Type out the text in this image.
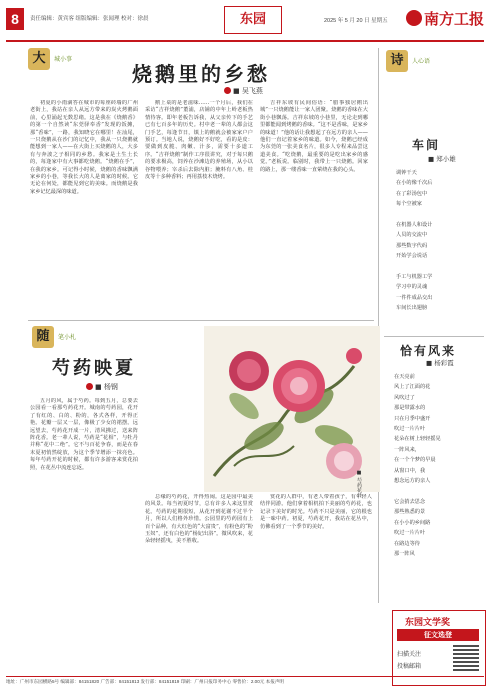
8	责任编辑：黄宾客 组版编辑：张闻理 校对：徐晨	东园	2025 年 5 月 20 日 星期五	南方工报
大	城小事
烧鹅里的乡愁
■ 吴飞燕

初夏的小雨滴答在城市的每座砖墙的广州老街上，我站在亲人从远方带来的炭火烤鹅面前，心里涌起无数思绪。这是我在《烧鹅香》的第一个自然读“东莞驿奉香”发现的饭摊，那“香味”，一路，我知晓它在哪里！在汕尾，一只烧鹅从在沙门的记忆中，我从一只烧鹅就能想到一家人——在大街上买烧鹅的人，大多有与奔波之子相同的乡愁。我家是土生土长的，每逢家中有大事都吃烧鹅。“烧鹅在手”，在我的家乡。可记得小时候，烧鹅的香味飘满家乡的小巷，等我长大的人是离家的时候。它无论在何处，都能见到它的美味。而烧鹅是我家乡记忆最深的味道。

鹅上桌的是老滋味……一个月后，我们在采访“吉祥烧鹅”董浦，店铺的中年上岭老板热情待客。即年老板告诉我，从父亲传下的手艺已有七百多年的历史。村中老一辈的人都会这门手艺，每逢节日，镇上的鹅就会被家家户户预订。当地人说，烧鹅好不好吃，看的是皮：要做到皮脆、肉嫩、汁多，需要十多道工序。“吉祥烧鹅”制作工序很讲究，对于每只鹅的要求极高，饲养在沙滩边的养殖场，从小以谷物喂养；宰杀后去除内脏；腌料有八角、桂皮等十多种香料；再用荔枝木烧烤。

吉祥东坡有民间俗语：“腊事独居鹅出城”一只烧鹅能让一家人团聚。烧鹅的香味在大街小巷飘荡。吉祥东坡的小巷里，无论走到哪里都能闻到烤鹅的香味。“这不是香味，是家乡的味道！”他的话让我想起了在远方的亲人——他们一直记着家乡的味道。如今，烧鹅已经成为东莞的一张美食名片，很多人专程来品尝这道美食。“吃烧鹅，最重要的是吃出家乡的感觉。”老板说。临别时，我带上一只烧鹅。回家的路上，那一缕香味一直萦绕在我的心头。

诗	人心语
车间
■ 郑小雄
调钟干天
在小的像千次后
在了彩汤包中
每个空被家

在机器人和设计
人员的交流中
那些数字代码
开始学会说话

手工与机器工学
学习中的灵魂
一件件成品交出
车间长出翅膀
恰有风来
■ 杨彩霞
在天亮前
风上了江面的花
风吹过了
那是带露水的
只在月季中盛开
吹过一片片叶
花朵在树上轻轻摇晃
一阵风来，
在一个个梦的早晨
从窗口中，我
想念远方的亲人

它会捎去思念
那些熟悉的景
在小小的乡间路
吹过一片片叶
在路边等待
那一阵风
随	笔小札
芍药映夏
■ 杨钢

五月的风，属于芍药。每到五月，总要去公园看一看那芍药花开。城南的芍药园，花开了有红的、白的、粉的，各式各样，开得正艳。花瓣一层又一层，像极了少女的裙摆。远远望去，芍药花开成一片，清风拂过，送来阵阵花香。老一辈人说，芍药是“花相”，与牡丹并称“花中二绝”。它不与百花争春，而是在春末夏初悄然绽放，为这个季节增添一抹亮色。每年芍药开花的时候，都有许多游客来赏花拍照，在花丛中流连忘返。

■ 芍药花开

总缘的芍药花，开得热闹。这是园中最美的风景。每当初夏时节，总有许多人来这里赏花。芍药的花期很短，从花开到花谢不过半个月，所以人们格外珍惜。公园里的芍药园有上百个品种，有大红色的“大富贵”，有粉色的“粉玉奴”，还有白色的“杨妃出浴”。微风吹来，花朵轻轻摇曳，美不胜收。

赏花的人群中，有老人带着孩子，有年轻人结伴同游。他们拿着相机拍下美丽的芍药花，也记录下美好的时光。芍药不只是美丽，它的根也是一味中药。初夏，芍药花开，我站在花丛中，仿佛看到了一个季节的美好。

东园文学奖
征文选登
扫描关注
投稿邮箱
地址：广州市东园横路5号 编辑部：84151820 广告部：84151813 发行部：84151819 印刷：广州日报印务中心 零售价：2.00元 本报声明
